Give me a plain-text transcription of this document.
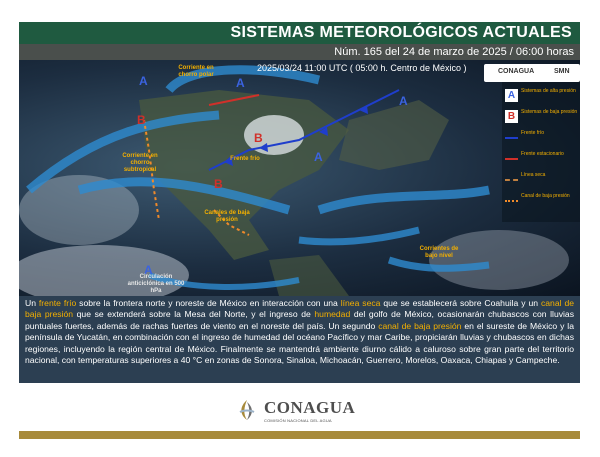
SISTEMAS METEOROLÓGICOS ACTUALES
Núm. 165 del 24 de marzo de 2025 / 06:00 horas
A	A
B
B
B
A
A
A
2025/03/24 11:00 UTC ( 05:00 h. Centro de México )
Corriente en chorro polar
Corriente en chorro subtropical
Frente frío
Canales de baja presión
Circulación anticiclónica en 500 hPa
Corrientes de bajo nivel
CONAGUA	SMN
A	Sistemas de alta presión
B	Sistemas de baja presión
Frente frío
Frente estacionario
Línea seca
Canal de baja presión
Un frente frío sobre la frontera norte y noreste de México en interacción con una línea seca que se establecerá sobre Coahuila y un canal de baja presión que se extenderá sobre la Mesa del Norte, y el ingreso de humedad del golfo de México, ocasionarán chubascos con lluvias puntuales fuertes, además de rachas fuertes de viento en el noreste del país. Un segundo canal de baja presión en el sureste de México y la península de Yucatán, en combinación con el ingreso de humedad del océano Pacífico y mar Caribe, propiciarán lluvias y chubascos en dichas regiones, incluyendo la región central de México. Finalmente se mantendrá ambiente diurno cálido a caluroso sobre gran parte del territorio nacional, con temperaturas superiores a 40 °C en zonas de Sonora, Sinaloa, Michoacán, Guerrero, Morelos, Oaxaca, Chiapas y Campeche.
CONAGUA
COMISIÓN NACIONAL DEL AGUA
